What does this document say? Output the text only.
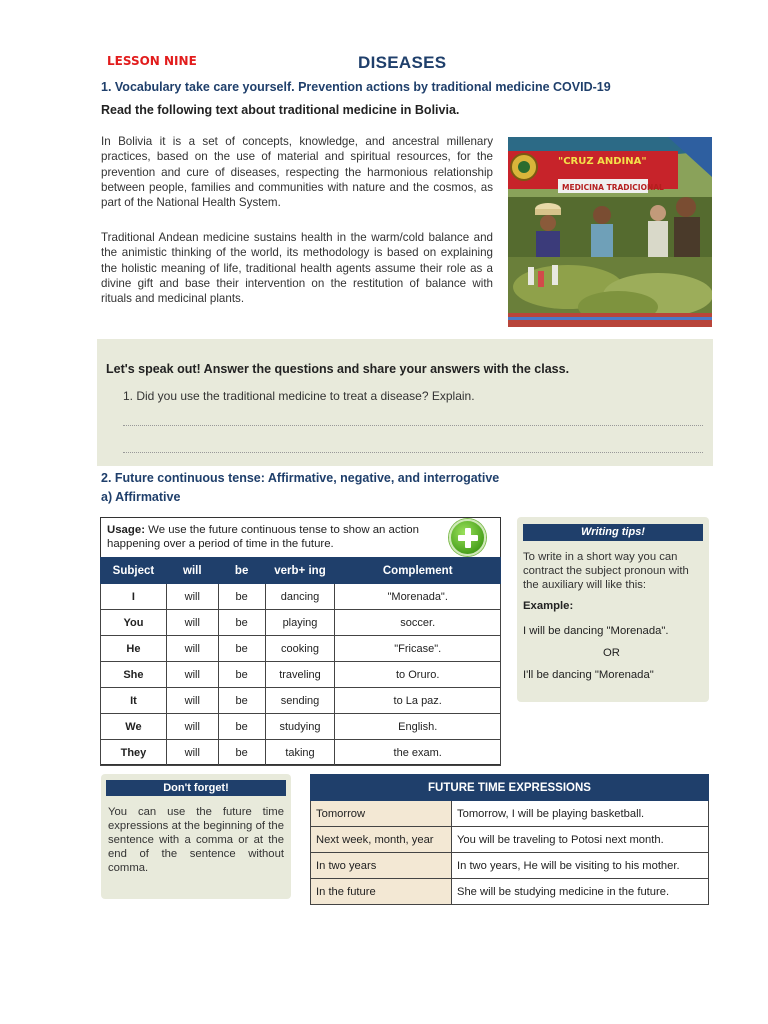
LESSON NINE	DISEASES
1. Vocabulary take care yourself. Prevention actions by traditional medicine COVID-19
Read the following text about traditional medicine in Bolivia.

In Bolivia it is a set of concepts, knowledge, and ancestral millenary practices, based on the use of material and spiritual resources, for the prevention and cure of diseases, respecting the harmonious relationship between people, families and communities with nature and the cosmos, as part of the National Health System.

Traditional Andean medicine sustains health in the warm/cold balance and the animistic thinking of the world, its methodology is based on explaining the holistic meaning of life, traditional health agents assume their role as a divine gift and base their intervention on the restitution of balance with rituals and medicinal plants.

"CRUZ ANDINA"
MEDICINA TRADICIONAL
Let's speak out! Answer the questions and share your answers with the class.
1. Did you use the traditional medicine to treat a disease? Explain.
2. Future continuous tense: Affirmative, negative, and interrogative
a) Affirmative
Usage: We use the future continuous tense to show an action happening over a period of time in the future.
Subject	will	be	verb+ ing	Complement
I	will	be	dancing	"Morenada".
You	will	be	playing	soccer.
He	will	be	cooking	"Fricase".
She	will	be	traveling	to Oruro.
It	will	be	sending	to La paz.
We	will	be	studying	English.
They	will	be	taking	the exam.
Writing tips!
To write in a short way you can contract the subject pronoun with the auxiliary will like this:
Example:
I will be dancing "Morenada".
OR
I'll be dancing "Morenada"
Don't forget!
You can use the future time expressions at the beginning of the sentence with a comma or at the end of the sentence without comma.
FUTURE TIME EXPRESSIONS	
Tomorrow	Tomorrow, I will be playing basketball.
Next week, month, year	You will be traveling to Potosi next month.
In two years	In two years, He will be visiting to his mother.
In the future	She will be studying medicine in the future.
